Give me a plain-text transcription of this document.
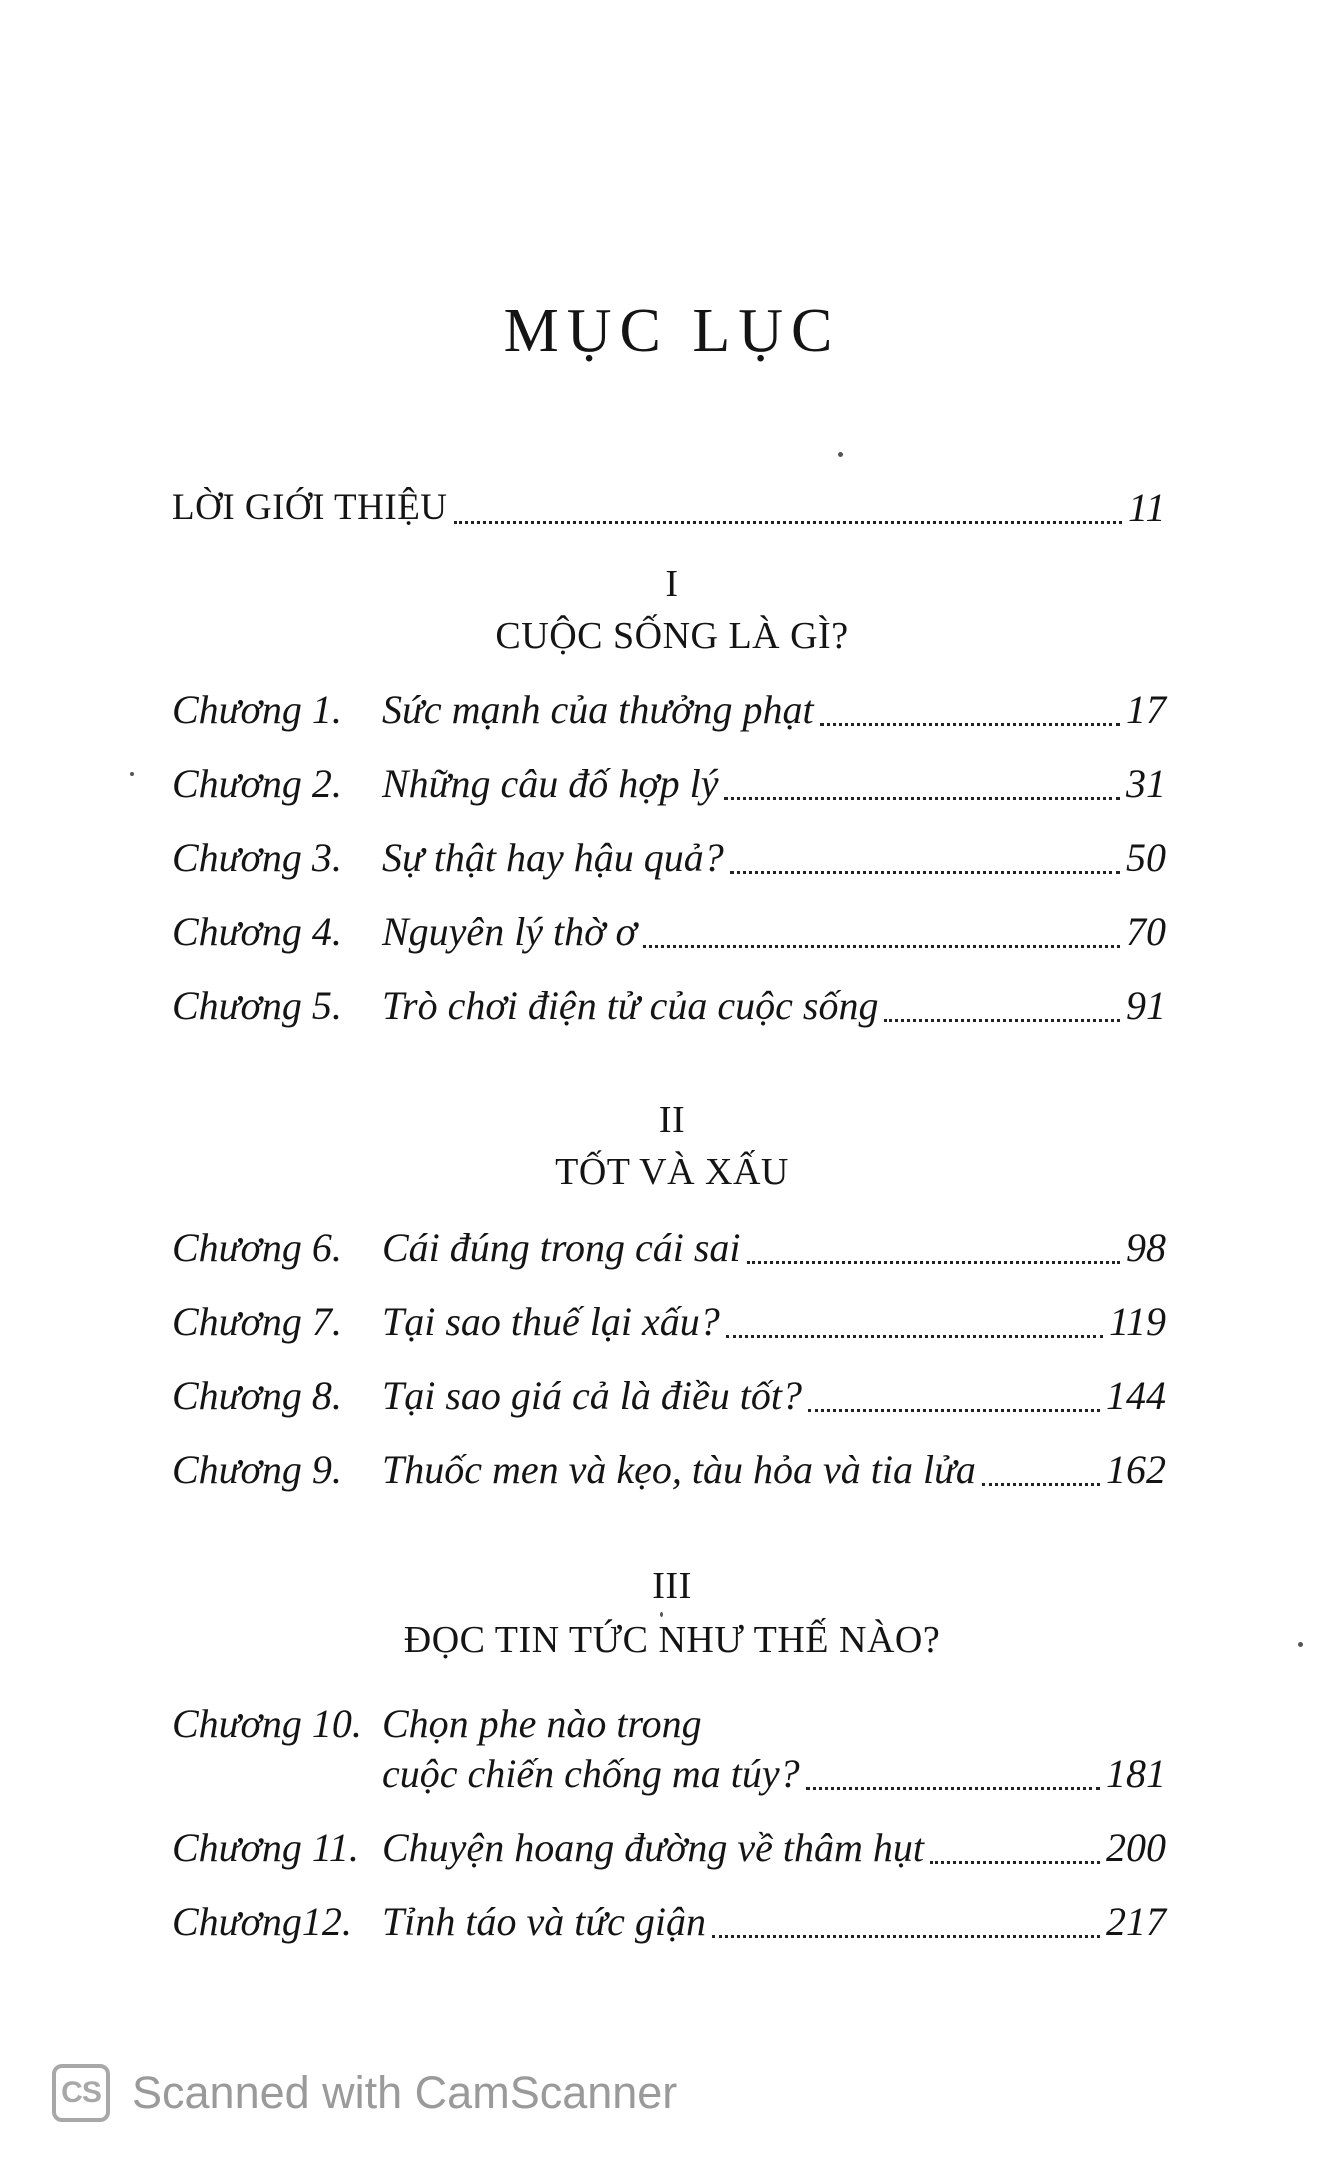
MỤC LỤC
LỜI GIỚI THIỆU	11
I
CUỘC SỐNG LÀ GÌ?
Chương 1.	Sức mạnh của thưởng phạt	17
Chương 2.	Những câu đố hợp lý	31
Chương 3.	Sự thật hay hậu quả?	50
Chương 4.	Nguyên lý thờ ơ	70
Chương 5.	Trò chơi điện tử của cuộc sống	91
II
TỐT VÀ XẤU
Chương 6.	Cái đúng trong cái sai	98
Chương 7.	Tại sao thuế lại xấu?	119
Chương 8.	Tại sao giá cả là điều tốt?	144
Chương 9.	Thuốc men và kẹo, tàu hỏa và tia lửa	162
III
ĐỌC TIN TỨC NHƯ THẾ NÀO?
Chương 10. Chọn phe nào trong
cuộc chiến chống ma túy?	181
Chương 11. Chuyện hoang đường về thâm hụt	200
Chương12. Tỉnh táo và tức giận	217
CS Scanned with CamScanner
